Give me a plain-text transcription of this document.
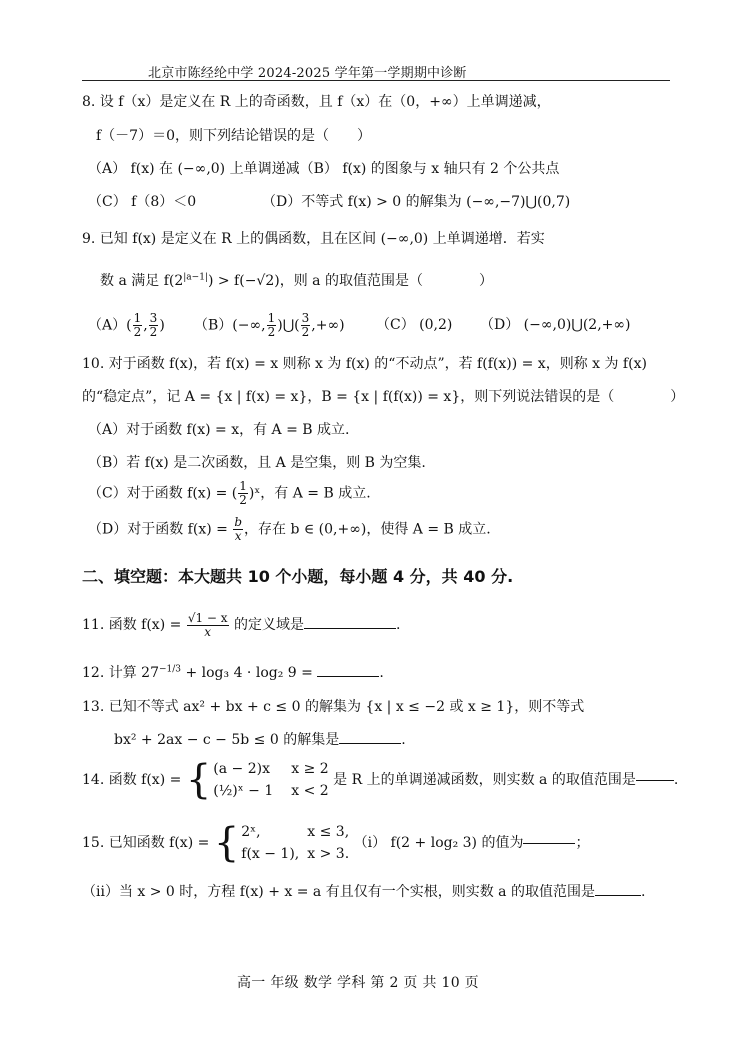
北京市陈经纶中学 2024-2025 学年第一学期期中诊断
8. 设 f（x）是定义在 R 上的奇函数，且 f（x）在（0，+∞）上单调递减，
f（－7）＝0，则下列结论错误的是（　　）
（A） f(x) 在 (−∞,0) 上单调递减（B） f(x) 的图象与 x 轴只有 2 个公共点
（C） f（8）＜0	（D）不等式 f(x) > 0 的解集为 (−∞,−7)⋃(0,7)
9. 已知 f(x) 是定义在 R 上的偶函数，且在区间 (−∞,0) 上单调递增．若实
数 a 满足 $f(2^{|a-1|}) > f(-√2)$，则 a 的取值范围是（　　　　）
$(A)( \frac{1}{2}$ , $\frac{3}{2}$ ) （B）(−∞, $\frac{1}{2}$ )⋃( $\frac{3}{2}$ ,+∞) （C） (0,2) （D） (−∞,0)⋃(2,+∞)
10. 对于函数 f(x)，若 f(x) = x 则称 x 为 f(x) 的“不动点”，若 f(f(x)) = x，则称 x 为 f(x)
的“稳定点”，记 A = {x | f(x) = x}，B = {x | f(f(x)) = x}，则下列说法错误的是（　　　　）
（A）对于函数 f(x) = x，有 A = B 成立.
（B）若 f(x) 是二次函数，且 A 是空集，则 B 为空集.
（C）对于函数 f(x) = ( $\frac{1}{2}$ )ˣ，有 A = B 成立.
（D）对于函数 $f(x) = \frac{b}{x}$ ，存在 b ∈ (0,+∞)，使得 A = B 成立.
二、填空题：本大题共 10 个小题，每小题 4 分，共 40 分.
11. 函数 $f(x) = \frac{√1 - x}{x}$ 的定义域是	.
12. 计算 $27^{-1/3} + \log_3$ 4 · log₂ 9 =	.
13. 已知不等式 ax² + bx + c ≤ 0 的解集为 {x | x ≤ −2 或 x ≥ 1}，则不等式
bx² + 2ax − c − 5b ≤ 0 的解集是	.
14. 函数 f(x) =
{ (a − 2)x	x ≥ 2
(½)ˣ − 1	x < 2

是 R 上的单调递减函数，则实数 a 的取值范围是	.
15. 已知函数 f(x) =
{ 2ˣ,	x ≤ 3,
f(x − 1), x > 3.

（ⅰ） f(2 + log₂ 3) 的值为	；
（ⅱ）当 x > 0 时，方程 f(x) + x = a 有且仅有一个实根，则实数 a 的取值范围是	.
高一 年级 数学 学科 第 2 页 共 10 页
